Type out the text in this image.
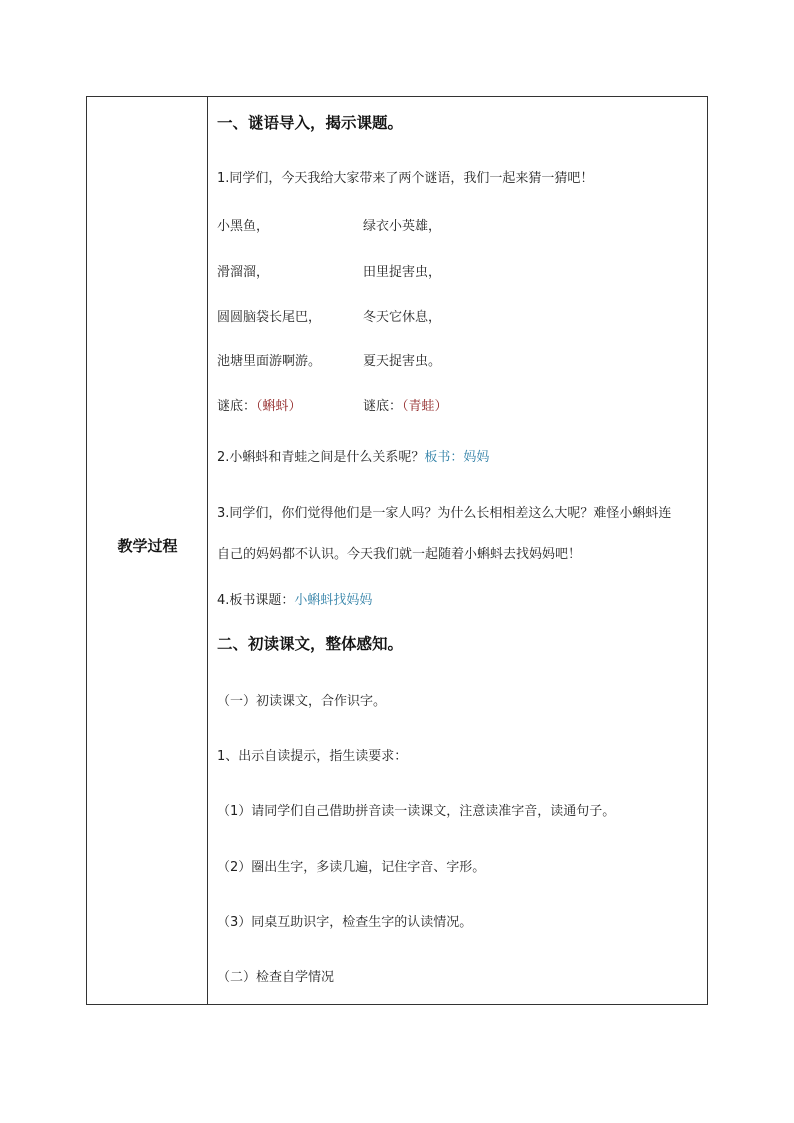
教学过程
一、谜语导入，揭示课题。
1.同学们，今天我给大家带来了两个谜语，我们一起来猜一猜吧！
小黑鱼，	绿衣小英雄，
滑溜溜，	田里捉害虫，
圆圆脑袋长尾巴，	冬天它休息，
池塘里面游啊游。	夏天捉害虫。
谜底：（蝌蚪）	谜底：（青蛙）
2.小蝌蚪和青蛙之间是什么关系呢？板书：妈妈
3.同学们，你们觉得他们是一家人吗？为什么长相相差这么大呢？难怪小蝌蚪连
自己的妈妈都不认识。今天我们就一起随着小蝌蚪去找妈妈吧！
4.板书课题：小蝌蚪找妈妈
二、初读课文，整体感知。
（一）初读课文，合作识字。
1、出示自读提示，指生读要求：
（1）请同学们自己借助拼音读一读课文，注意读准字音，读通句子。
（2）圈出生字，多读几遍，记住字音、字形。
（3）同桌互助识字，检查生字的认读情况。
（二）检查自学情况
